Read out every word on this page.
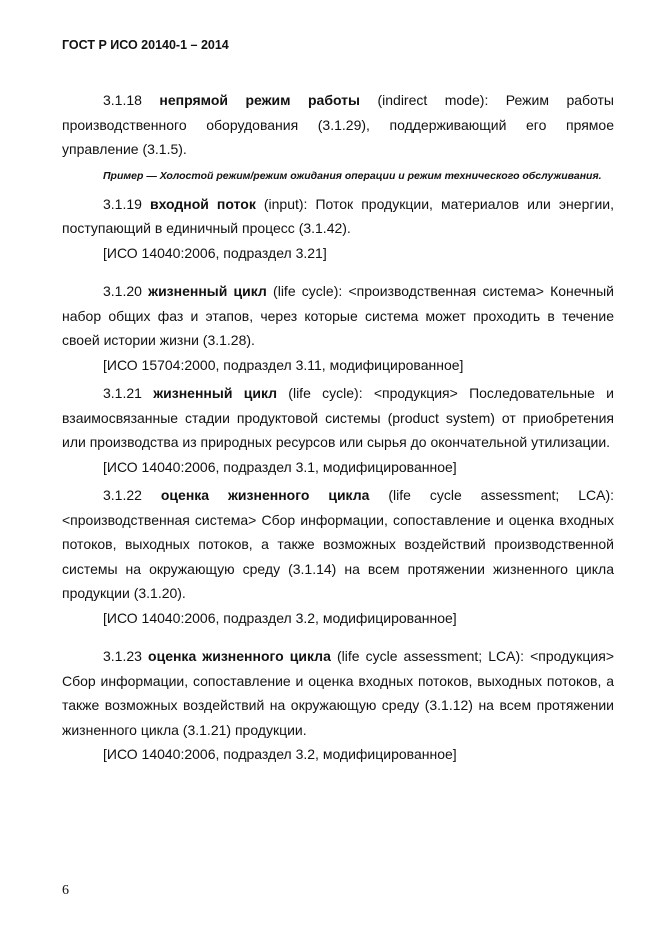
ГОСТ Р ИСО 20140-1 – 2014

3.1.18 непрямой режим работы (indirect mode): Режим работы производственного оборудования (3.1.29), поддерживающий его прямое управление (3.1.5).

Пример — Холостой режим/режим ожидания операции и режим технического обслуживания.

3.1.19 входной поток (input): Поток продукции, материалов или энергии, поступающий в единичный процесс (3.1.42).

[ИСО 14040:2006, подраздел 3.21]

3.1.20 жизненный цикл (life cycle): <производственная система> Конечный набор общих фаз и этапов, через которые система может проходить в течение своей истории жизни (3.1.28).

[ИСО 15704:2000, подраздел 3.11, модифицированное]

3.1.21 жизненный цикл (life cycle): <продукция> Последовательные и взаимосвязанные стадии продуктовой системы (product system) от приобретения или производства из природных ресурсов или сырья до окончательной утилизации.

[ИСО 14040:2006, подраздел 3.1, модифицированное]

3.1.22 оценка жизненного цикла (life cycle assessment; LCA): <производственная система> Сбор информации, сопоставление и оценка входных потоков, выходных потоков, а также возможных воздействий производственной системы на окружающую среду (3.1.14) на всем протяжении жизненного цикла продукции (3.1.20).

[ИСО 14040:2006, подраздел 3.2, модифицированное]

3.1.23 оценка жизненного цикла (life cycle assessment; LCA): <продукция> Сбор информации, сопоставление и оценка входных потоков, выходных потоков, а также возможных воздействий на окружающую среду (3.1.12) на всем протяжении жизненного цикла (3.1.21) продукции.

[ИСО 14040:2006, подраздел 3.2, модифицированное]

6
